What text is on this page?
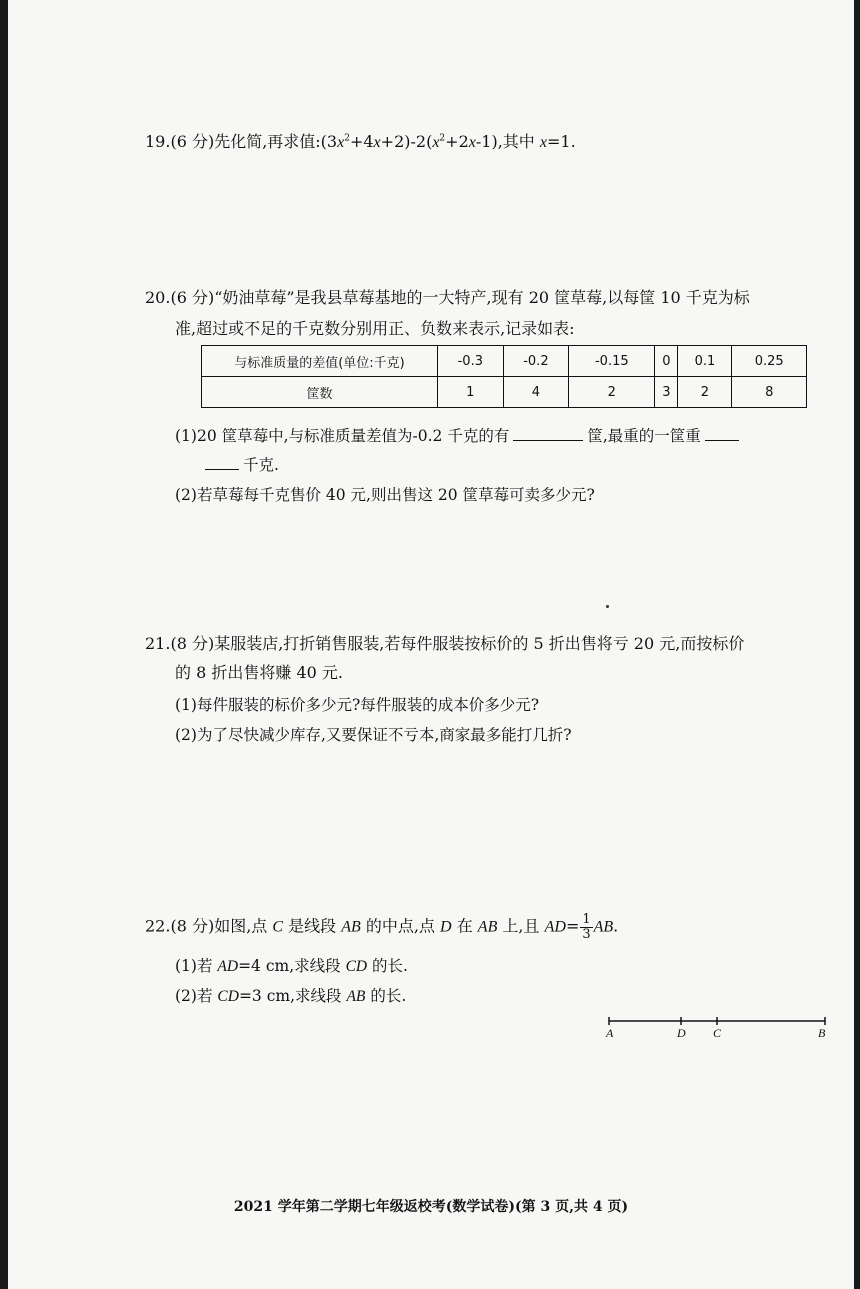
19.(6 分)先化简,再求值$:(3x^2+4x+2)-2(x^2+2x-1)$,其中 x=1.
20.(6 分)“奶油草莓”是我县草莓基地的一大特产,现有 20 筐草莓,以每筐 10 千克为标
准,超过或不足的千克数分别用正、负数来表示,记录如表:
与标准质量的差值(单位:千克)	-0.3	-0.2	-0.15	0	0.1	0.25
筐数	1	4	2	3	2	8
(1)20 筐草莓中,与标准质量差值为-0.2 千克的有	筐,最重的一筐重
千克.
(2)若草莓每千克售价 40 元,则出售这 20 筐草莓可卖多少元?
21.(8 分)某服装店,打折销售服装,若每件服装按标价的 5 折出售将亏 20 元,而按标价
的 8 折出售将赚 40 元.
(1)每件服装的标价多少元?每件服装的成本价多少元?
(2)为了尽快减少库存,又要保证不亏本,商家最多能打几折?
22.(8 分)如图,点 C 是线段 AB 的中点,点 D 在 AB 上,且 $AD= \frac{1}{3}$ AB.
(1)若 AD=4 cm,求线段 CD 的长.
(2)若 CD=3 cm,求线段 AB 的长.
A	D C	B
2021 学年第二学期七年级返校考(数学试卷)(第 3 页,共 4 页)
